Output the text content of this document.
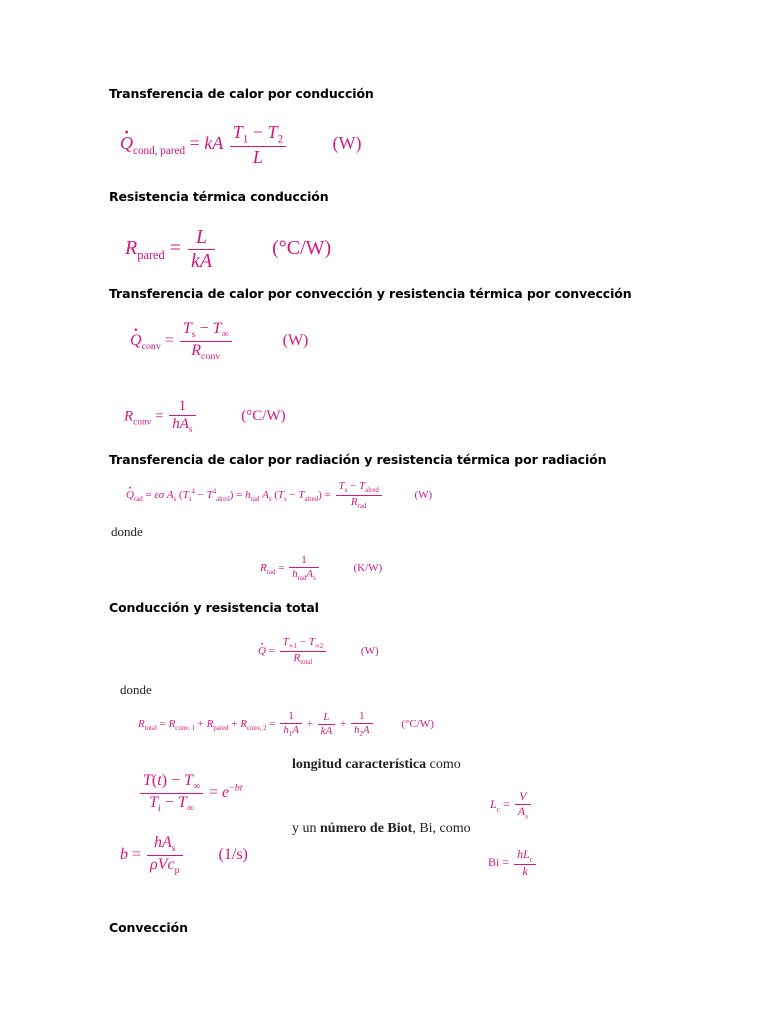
Transferencia de calor por conducción
· $Q_{cond, pared}$ = kA $\frac{T_1 - T_2}{L}$	(W)
Resistencia térmica conducción
$R_{pared} = \frac{L}{kA}$	(°C/W)
Transferencia de calor por convección y resistencia térmica por convección
· $Q_{conv} = \frac{T_s - T_\infty}{R_{conv}}$	(W)
$R_{conv} = \frac{1}{hA_s}$	(°C/W)
Transferencia de calor por radiación y resistencia térmica por radiación
· $Q_{rad} = \varepsilon\sigma$ $A_s$ $(T_s^4 - T^4_{alred}) = h_{rad}$ $A_s$ $(T_s - T_{alred}) = \frac{T_s - T_{alred}}{R_{rad}}$	(W)
donde
$R_{rad} = \frac{1}{h_{rad}A_s}$	(K/W)
Conducción y resistencia total
· $Q = \frac{T_{\infty 1} - T_{\infty 2}}{R_{total}}$	(W)
donde
$R_{total} = R_{conv, 1} + R_{pared} + R_{conv, 2} = \frac{1}{h_1A} + \frac{L}{kA} + \frac{1}{h_2A}$	(°C/W)
longitud característica como
$\frac{T(t) - T_\infty}{T_i - T_\infty} = e^{-bt}$
$L_c = \frac{V}{A_s}$
y un número de Biot, Bi, como
$b = \frac{hA_s}{\rho Vc_p} (1/s)$	$Bi = \frac{hL_c}{k}$
Convección
